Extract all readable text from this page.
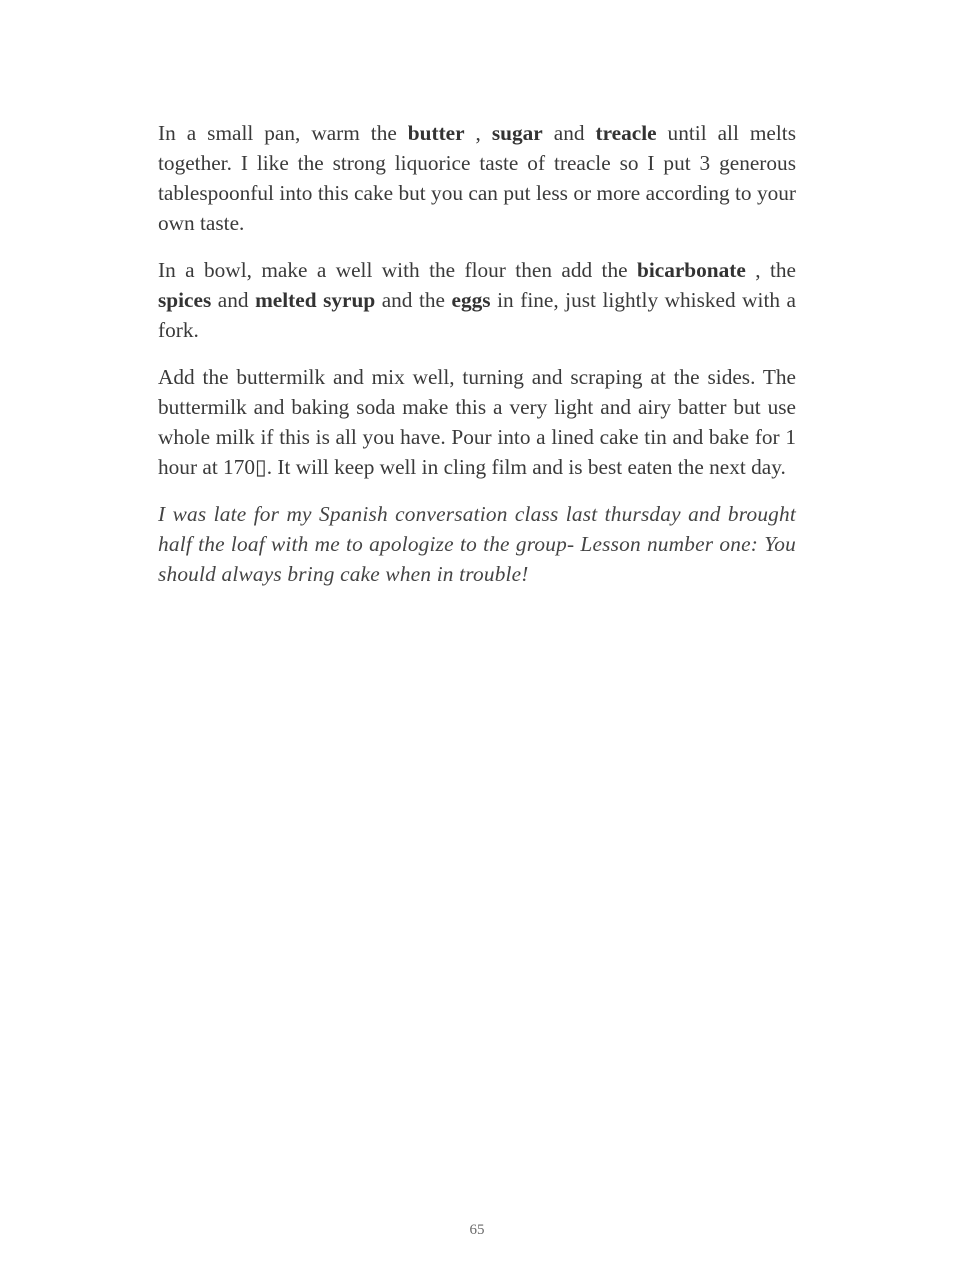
In a small pan, warm the butter , sugar and treacle until all melts together. I like the strong liquorice taste of treacle so I put 3 generous tablespoonful into this cake but you can put less or more according to your own taste.

In a bowl, make a well with the flour then add the bicarbonate , the spices and melted syrup and the eggs in fine, just lightly whisked with a fork.

Add the buttermilk and mix well, turning and scraping at the sides. The buttermilk and baking soda make this a very light and airy batter but use whole milk if this is all you have. Pour into a lined cake tin and bake for 1 hour at 170▯. It will keep well in cling film and is best eaten the next day.

I was late for my Spanish conversation class last thursday and brought half the loaf with me to apologize to the group- Lesson number one: You should always bring cake when in trouble!

65
